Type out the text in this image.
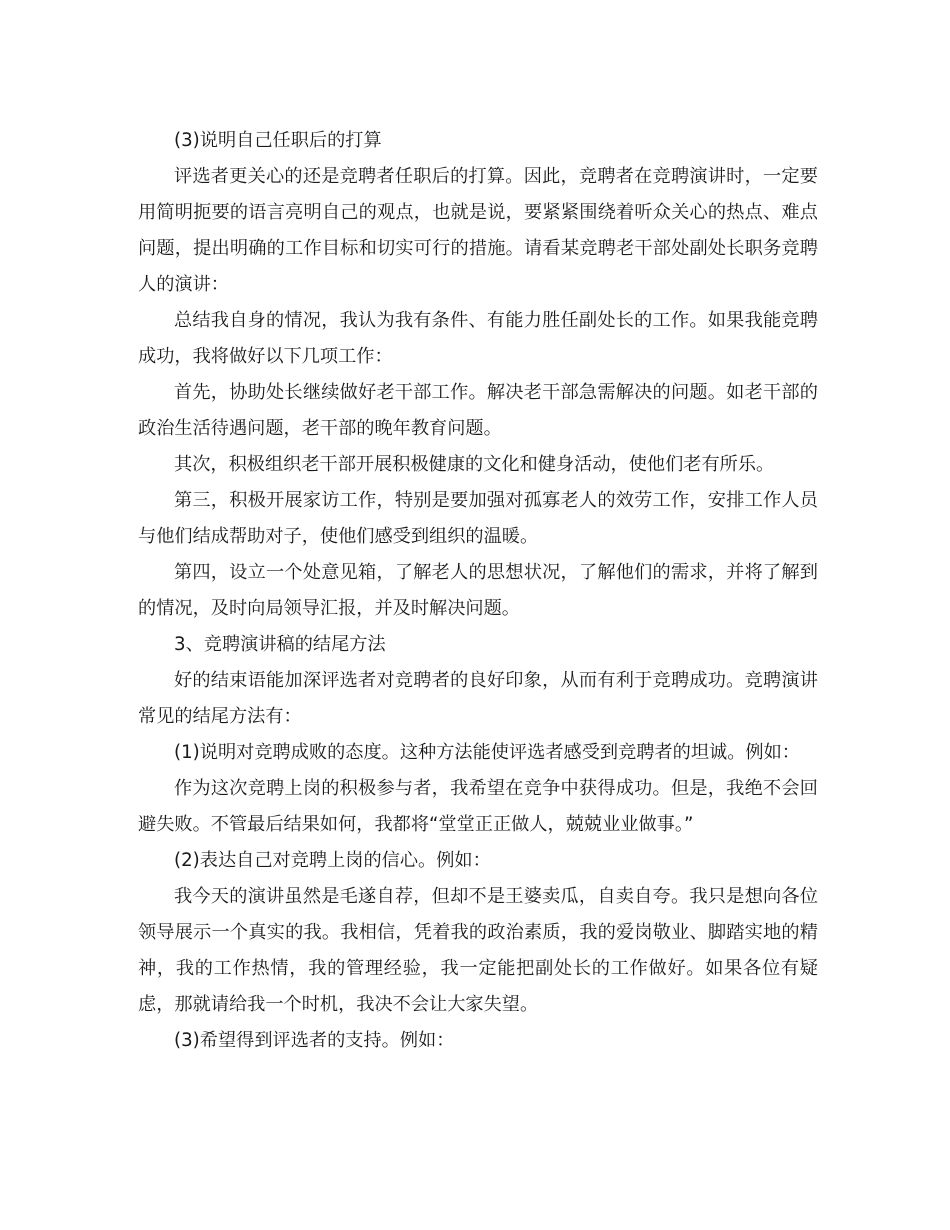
(3)说明自己任职后的打算

评选者更关心的还是竞聘者任职后的打算。因此，竞聘者在竞聘演讲时，一定要用简明扼要的语言亮明自己的观点，也就是说，要紧紧围绕着听众关心的热点、难点问题，提出明确的工作目标和切实可行的措施。请看某竞聘老干部处副处长职务竞聘人的演讲：

总结我自身的情况，我认为我有条件、有能力胜任副处长的工作。如果我能竞聘成功，我将做好以下几项工作：

首先，协助处长继续做好老干部工作。解决老干部急需解决的问题。如老干部的政治生活待遇问题，老干部的晚年教育问题。

其次，积极组织老干部开展积极健康的文化和健身活动，使他们老有所乐。

第三，积极开展家访工作，特别是要加强对孤寡老人的效劳工作，安排工作人员与他们结成帮助对子，使他们感受到组织的温暖。

第四，设立一个处意见箱，了解老人的思想状况，了解他们的需求，并将了解到的情况，及时向局领导汇报，并及时解决问题。

3、竞聘演讲稿的结尾方法

好的结束语能加深评选者对竞聘者的良好印象，从而有利于竞聘成功。竞聘演讲常见的结尾方法有：

(1)说明对竞聘成败的态度。这种方法能使评选者感受到竞聘者的坦诚。例如：

作为这次竞聘上岗的积极参与者，我希望在竞争中获得成功。但是，我绝不会回避失败。不管最后结果如何，我都将“堂堂正正做人，兢兢业业做事。”

(2)表达自己对竞聘上岗的信心。例如：

我今天的演讲虽然是毛遂自荐，但却不是王婆卖瓜，自卖自夸。我只是想向各位领导展示一个真实的我。我相信，凭着我的政治素质，我的爱岗敬业、脚踏实地的精神，我的工作热情，我的管理经验，我一定能把副处长的工作做好。如果各位有疑虑，那就请给我一个时机，我决不会让大家失望。

(3)希望得到评选者的支持。例如：
